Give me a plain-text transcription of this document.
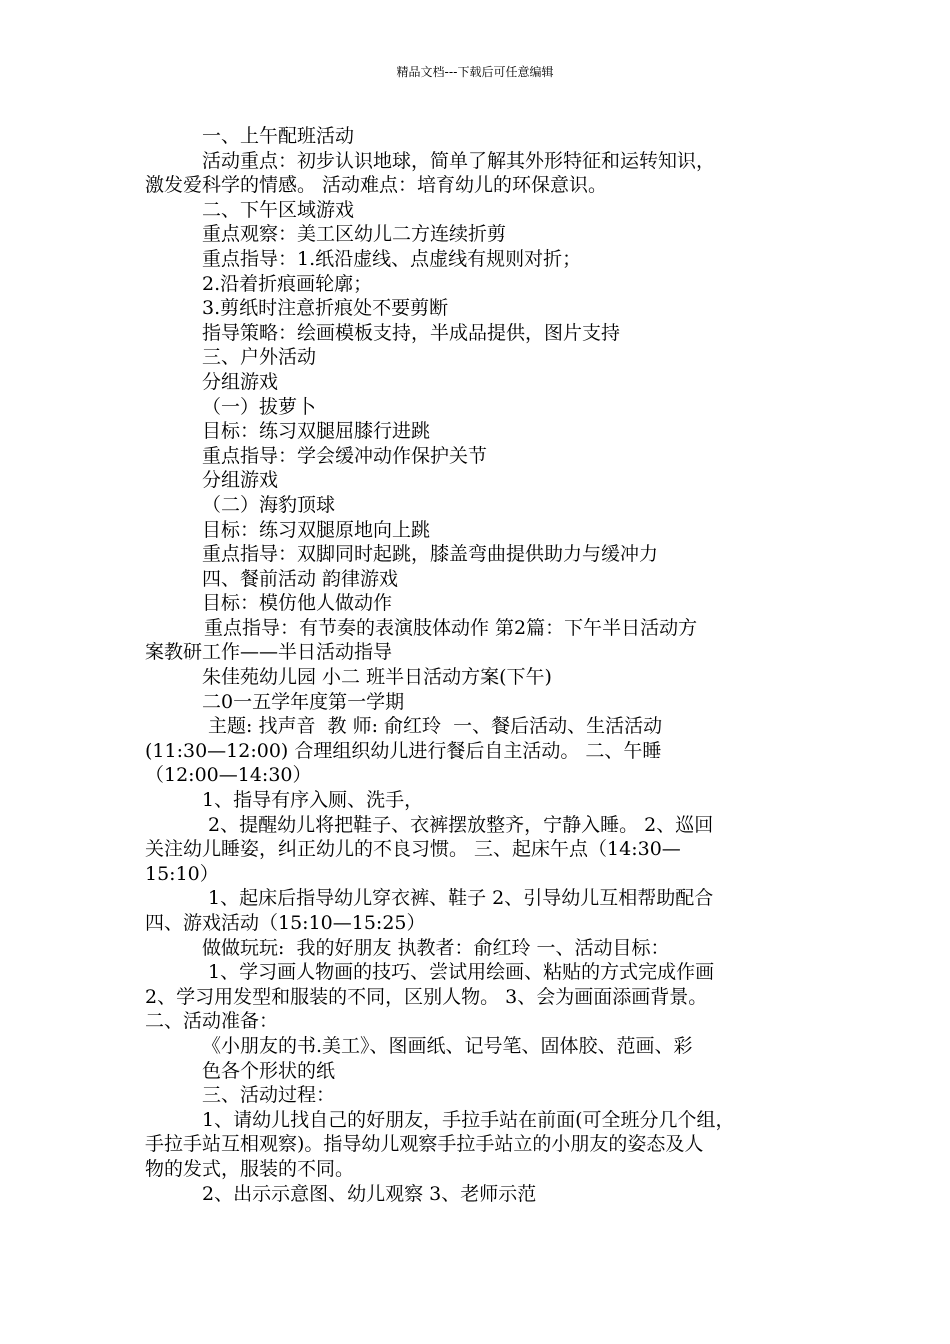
精品文档---下载后可任意编辑
一、上午配班活动
活动重点：初步认识地球，简单了解其外形特征和运转知识，
激发爱科学的情感。 活动难点：培育幼儿的环保意识。
二、下午区域游戏
重点观察：美工区幼儿二方连续折剪
重点指导：1.纸沿虚线、点虚线有规则对折；
2.沿着折痕画轮廓；
3.剪纸时注意折痕处不要剪断
指导策略：绘画模板支持，半成品提供，图片支持
三、户外活动
分组游戏
（一）拔萝卜
目标：练习双腿屈膝行进跳
重点指导：学会缓冲动作保护关节
分组游戏
（二）海豹顶球
目标：练习双腿原地向上跳
重点指导：双脚同时起跳，膝盖弯曲提供助力与缓冲力
四、餐前活动 韵律游戏
目标：模仿他人做动作
重点指导：有节奏的表演肢体动作 第2篇：下午半日活动方
案教研工作——半日活动指导
朱佳苑幼儿园 小二 班半日活动方案(下午)
二0一五学年度第一学期
主题: 找声音  教 师: 俞红玲  一、餐后活动、生活活动
(11:30—12:00) 合理组织幼儿进行餐后自主活动。 二、午睡
（12:00—14:30）
1、指导有序入厕、洗手，
2、提醒幼儿将把鞋子、衣裤摆放整齐，宁静入睡。 2、巡回
关注幼儿睡姿，纠正幼儿的不良习惯。 三、起床午点（14:30—
15:10）
1、起床后指导幼儿穿衣裤、鞋子 2、引导幼儿互相帮助配合
四、游戏活动（15:10—15:25）
做做玩玩:  我的好朋友 执教者：俞红玲 一、活动目标：
1、学习画人物画的技巧、尝试用绘画、粘贴的方式完成作画
2、学习用发型和服装的不同，区别人物。 3、会为画面添画背景。
二、活动准备：
《小朋友的书.美工》、图画纸、记号笔、固体胶、范画、彩
色各个形状的纸
三、活动过程：
1、请幼儿找自己的好朋友，手拉手站在前面(可全班分几个组，
手拉手站互相观察)。指导幼儿观察手拉手站立的小朋友的姿态及人
物的发式，服装的不同。
2、出示示意图、幼儿观察 3、老师示范
